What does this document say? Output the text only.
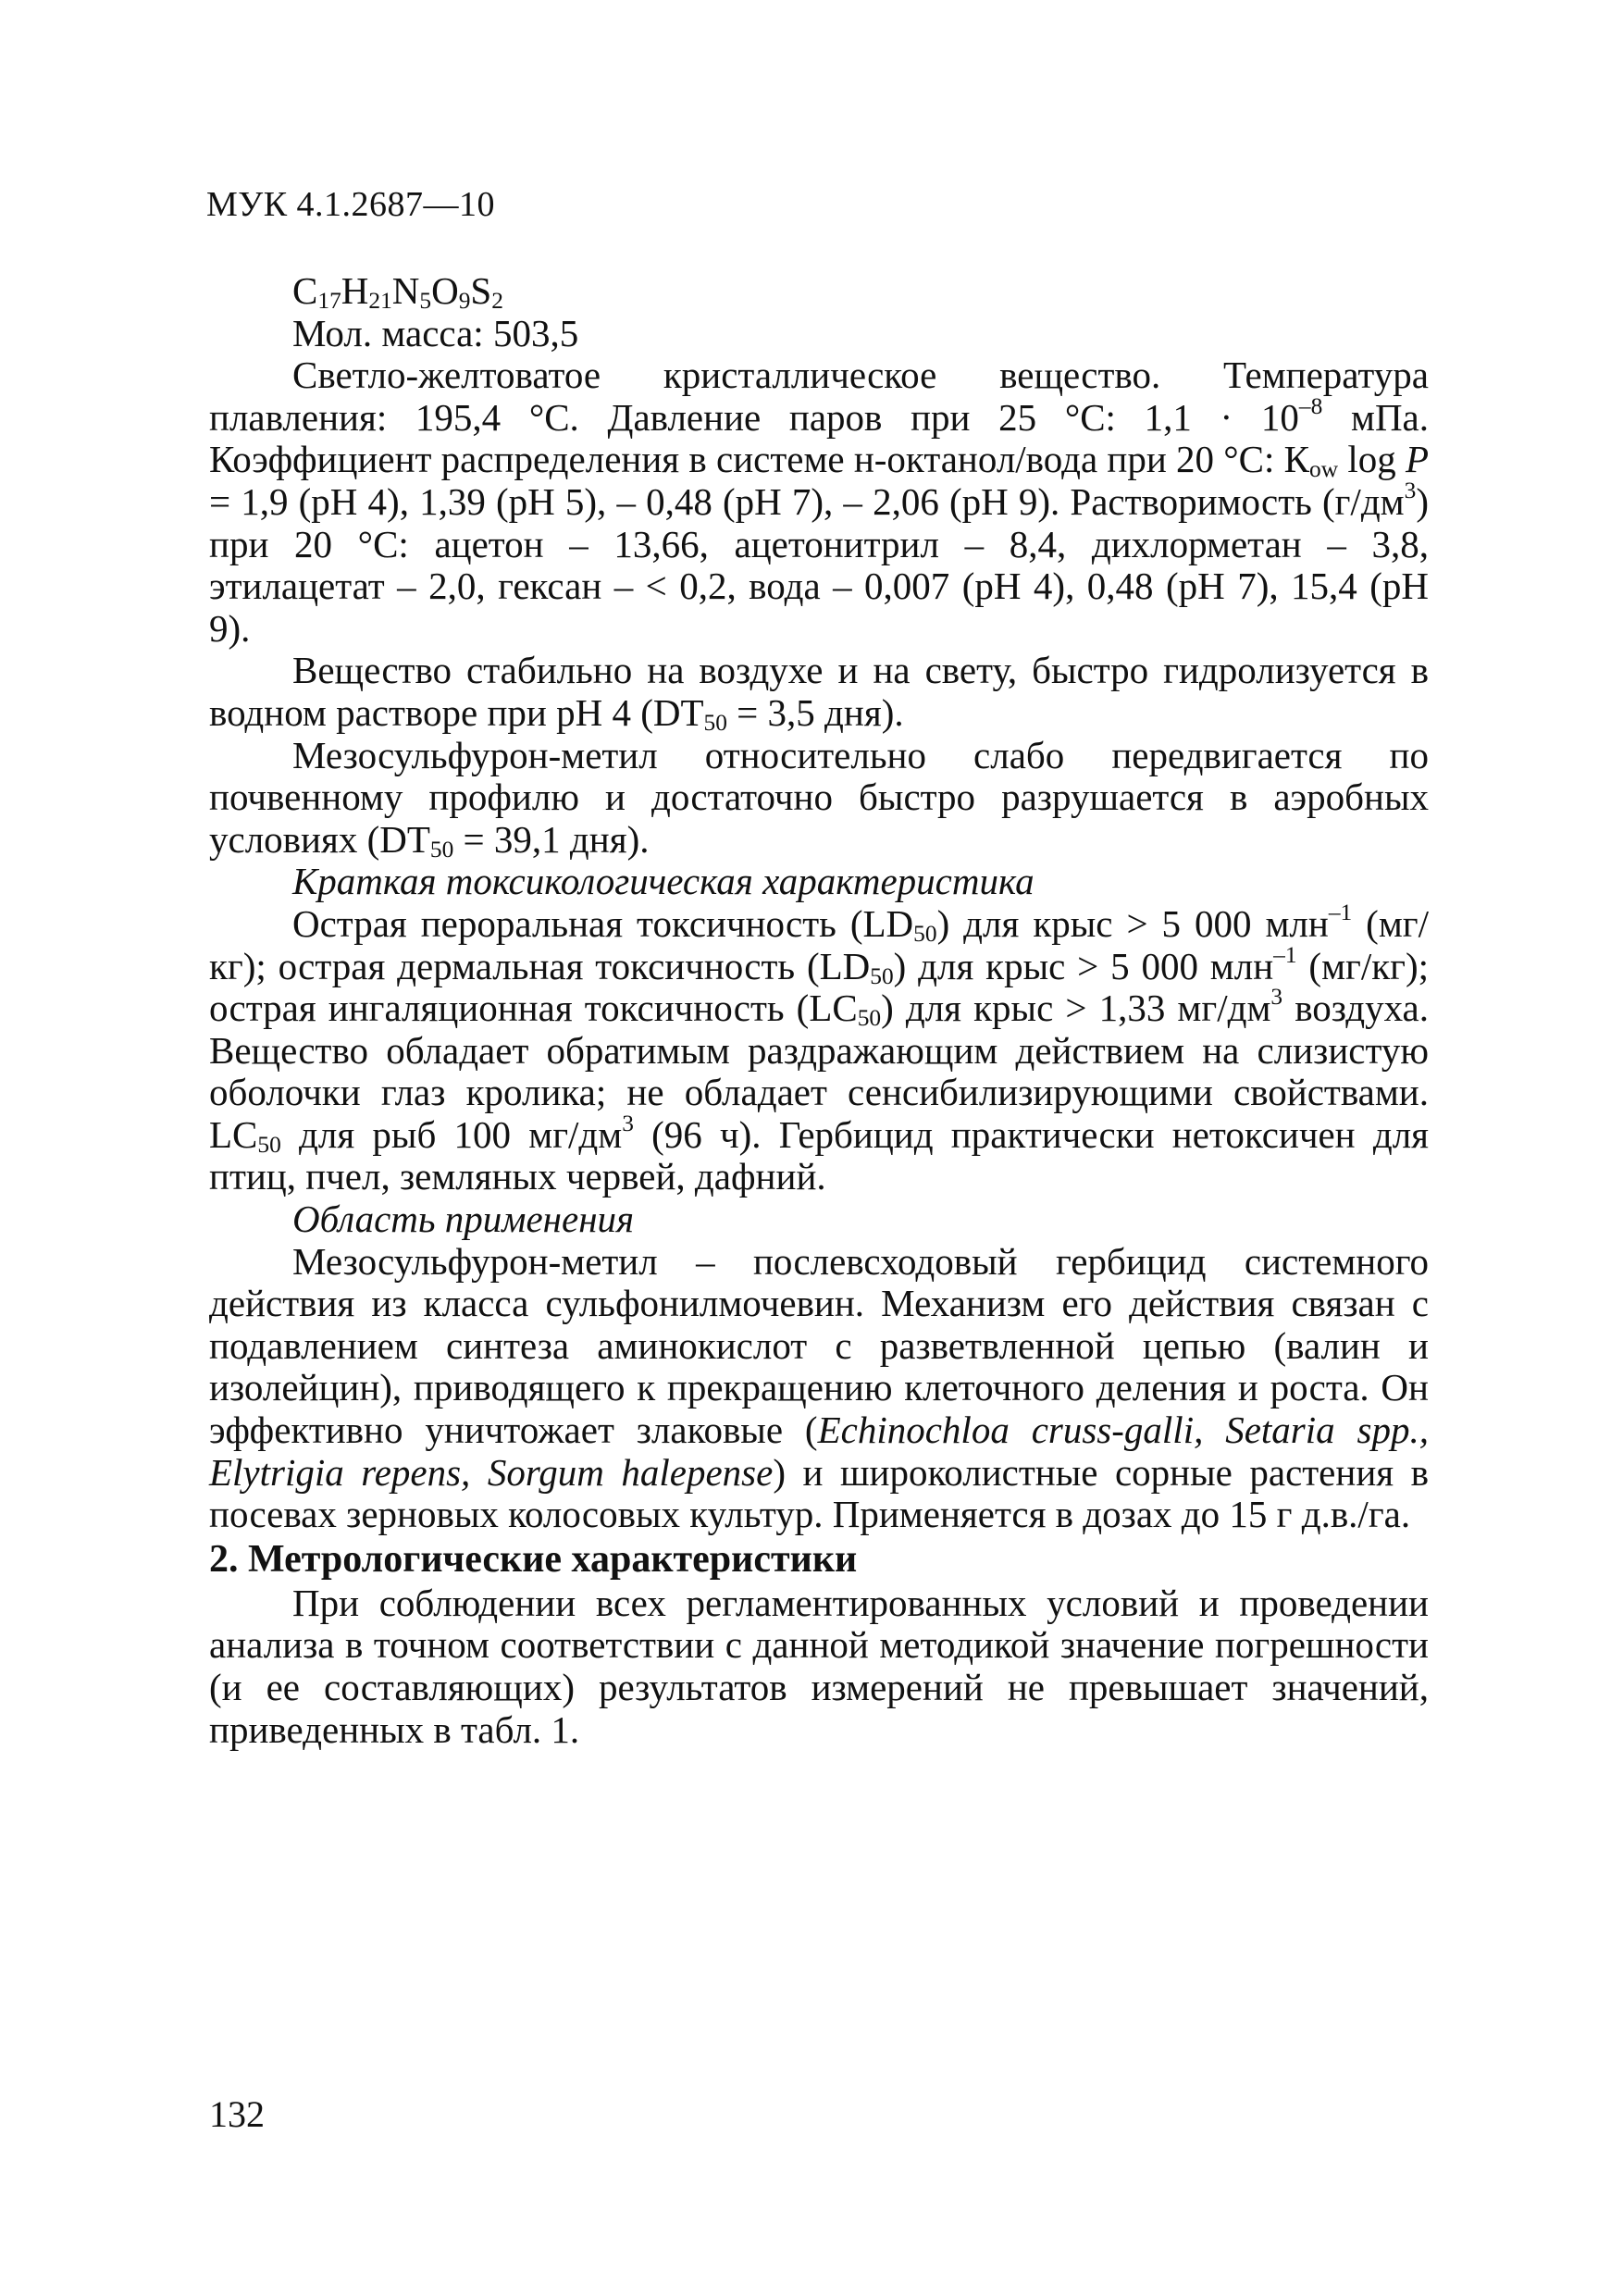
МУК 4.1.2687—10

$C_{17}H_{21}N_5O_9S_2$

Мол. масса: 503,5

Светло-желтоватое кристаллическое вещество. Температура плавления: 195,4 °С. Давление паров при 25 °С: $1,1 \cdot 10^{-8}$ мПа. Коэффициент распределения в системе н-октанол/вода при 20 °С: $К_{ow}$ log P = 1,9 (рН 4), 1,39 (рН 5), – 0,48 (рН 7), – 2,06 (рН 9). Растворимость $(г/дм^3)$ при 20 °С: ацетон – 13,66, ацетонитрил – 8,4, дихлорметан – 3,8, этилацетат – 2,0, гексан – < 0,2, вода – 0,007 (рН 4), 0,48 (рН 7), 15,4 (рН 9).

Вещество стабильно на воздухе и на свету, быстро гидролизуется в водном растворе при рН 4 ($DT_{50} = 3,5$ дня).

Мезосульфурон-метил относительно слабо передвигается по почвенному профилю и достаточно быстро разрушается в аэробных условиях ($DT_{50} = 39,1$ дня).

Краткая токсикологическая характеристика

Острая пероральная токсичность $(LD_{50})$ для крыс > 5 000 млн$^{-1}$ (мг/кг); острая дермальная токсичность $(LD_{50})$ для крыс > 5 000 млн$^{-1}$ (мг/кг); острая ингаляционная токсичность $(LC_{50})$ для крыс > 1,33 $мг/дм^3$ воздуха. Вещество обладает обратимым раздражающим действием на слизистую оболочки глаз кролика; не обладает сенсибилизирующими свойствами. $LC_{50}$ для рыб 100 $мг/дм^3$ (96 ч). Гербицид практически нетоксичен для птиц, пчел, земляных червей, дафний.

Область применения

Мезосульфурон-метил – послевсходовый гербицид системного действия из класса сульфонилмочевин. Механизм его действия связан с подавлением синтеза аминокислот с разветвленной цепью (валин и изолейцин), приводящего к прекращению клеточного деления и роста. Он эффективно уничтожает злаковые (Echinochloa cruss-galli, Setaria spp., Elytrigia repens, Sorgum halepense) и широколистные сорные растения в посевах зерновых колосовых культур. Применяется в дозах до 15 г д.в./га.

2. Метрологические характеристики

При соблюдении всех регламентированных условий и проведении анализа в точном соответствии с данной методикой значение погрешности (и ее составляющих) результатов измерений не превышает значений, приведенных в табл. 1.

132
